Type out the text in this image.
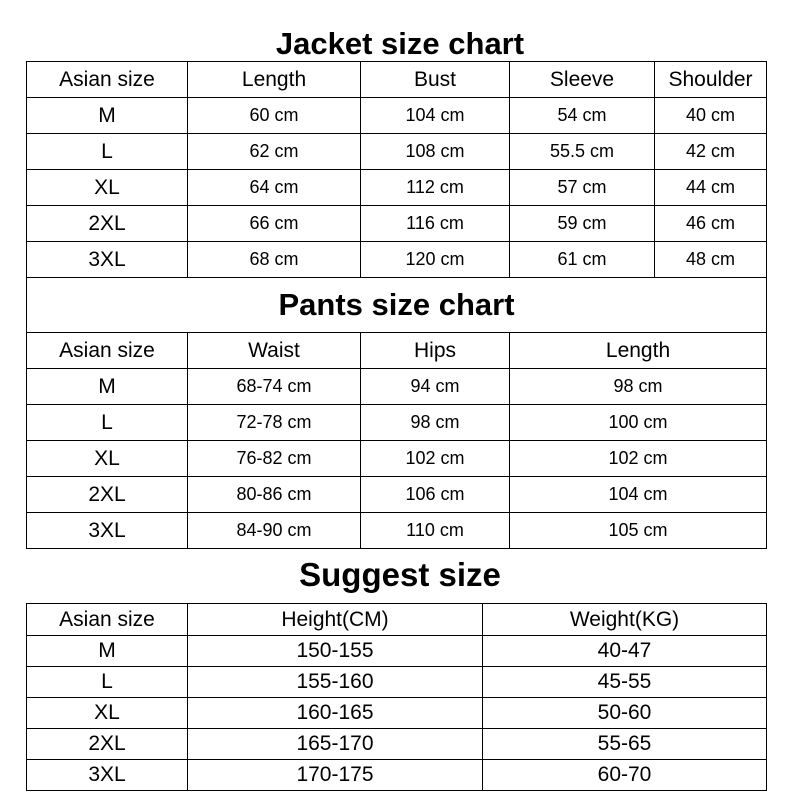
Jacket size chart
Asian size	Length	Bust	Sleeve	Shoulder
M	60 cm	104 cm	54 cm	40 cm
L	62 cm	108 cm	55.5 cm	42 cm
XL	64 cm	112 cm	57 cm	44 cm
2XL	66 cm	116 cm	59 cm	46 cm
3XL	68 cm	120 cm	61 cm	48 cm
Pants size chart				
Asian size	Waist	Hips	Length	
M	68-74 cm	94 cm	98 cm	
L	72-78 cm	98 cm	100 cm	
XL	76-82 cm	102 cm	102 cm	
2XL	80-86 cm	106 cm	104 cm	
3XL	84-90 cm	110 cm	105 cm	
Suggest size
Asian size	Height(CM)	Weight(KG)
M	150-155	40-47
L	155-160	45-55
XL	160-165	50-60
2XL	165-170	55-65
3XL	170-175	60-70
